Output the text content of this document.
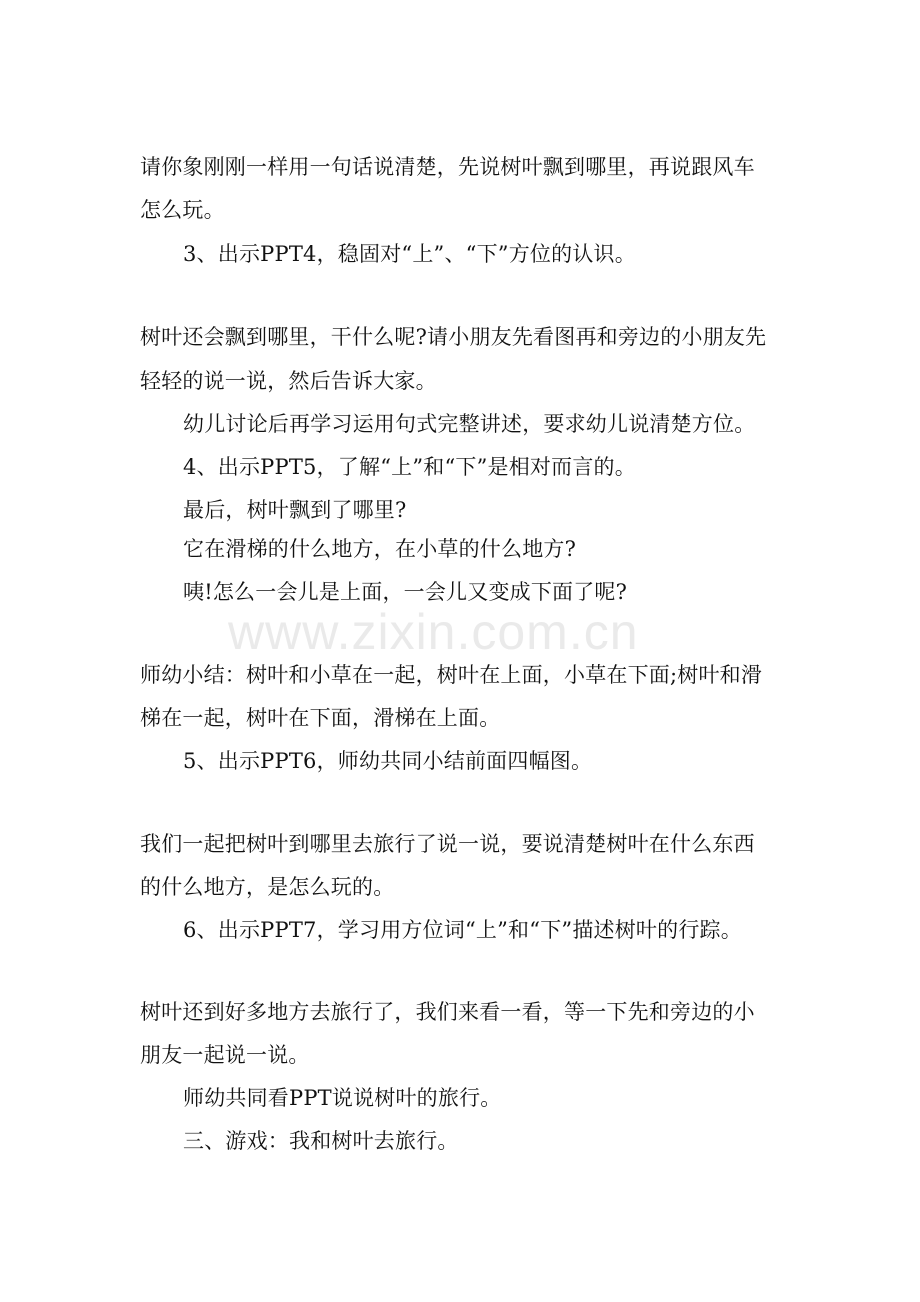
请你象刚刚一样用一句话说清楚，先说树叶飘到哪里，再说跟风车
怎么玩。
3、出示PPT4，稳固对“上”、“下”方位的认识。
树叶还会飘到哪里，干什么呢?请小朋友先看图再和旁边的小朋友先
轻轻的说一说，然后告诉大家。
幼儿讨论后再学习运用句式完整讲述，要求幼儿说清楚方位。
4、出示PPT5，了解“上”和“下”是相对而言的。
最后，树叶飘到了哪里?
它在滑梯的什么地方，在小草的什么地方?
咦!怎么一会儿是上面，一会儿又变成下面了呢?
师幼小结：树叶和小草在一起，树叶在上面，小草在下面;树叶和滑
梯在一起，树叶在下面，滑梯在上面。
5、出示PPT6，师幼共同小结前面四幅图。
我们一起把树叶到哪里去旅行了说一说，要说清楚树叶在什么东西
的什么地方，是怎么玩的。
6、出示PPT7，学习用方位词“上”和“下”描述树叶的行踪。
树叶还到好多地方去旅行了，我们来看一看，等一下先和旁边的小
朋友一起说一说。
师幼共同看PPT说说树叶的旅行。
三、游戏：我和树叶去旅行。
www.zixin.com.cn
